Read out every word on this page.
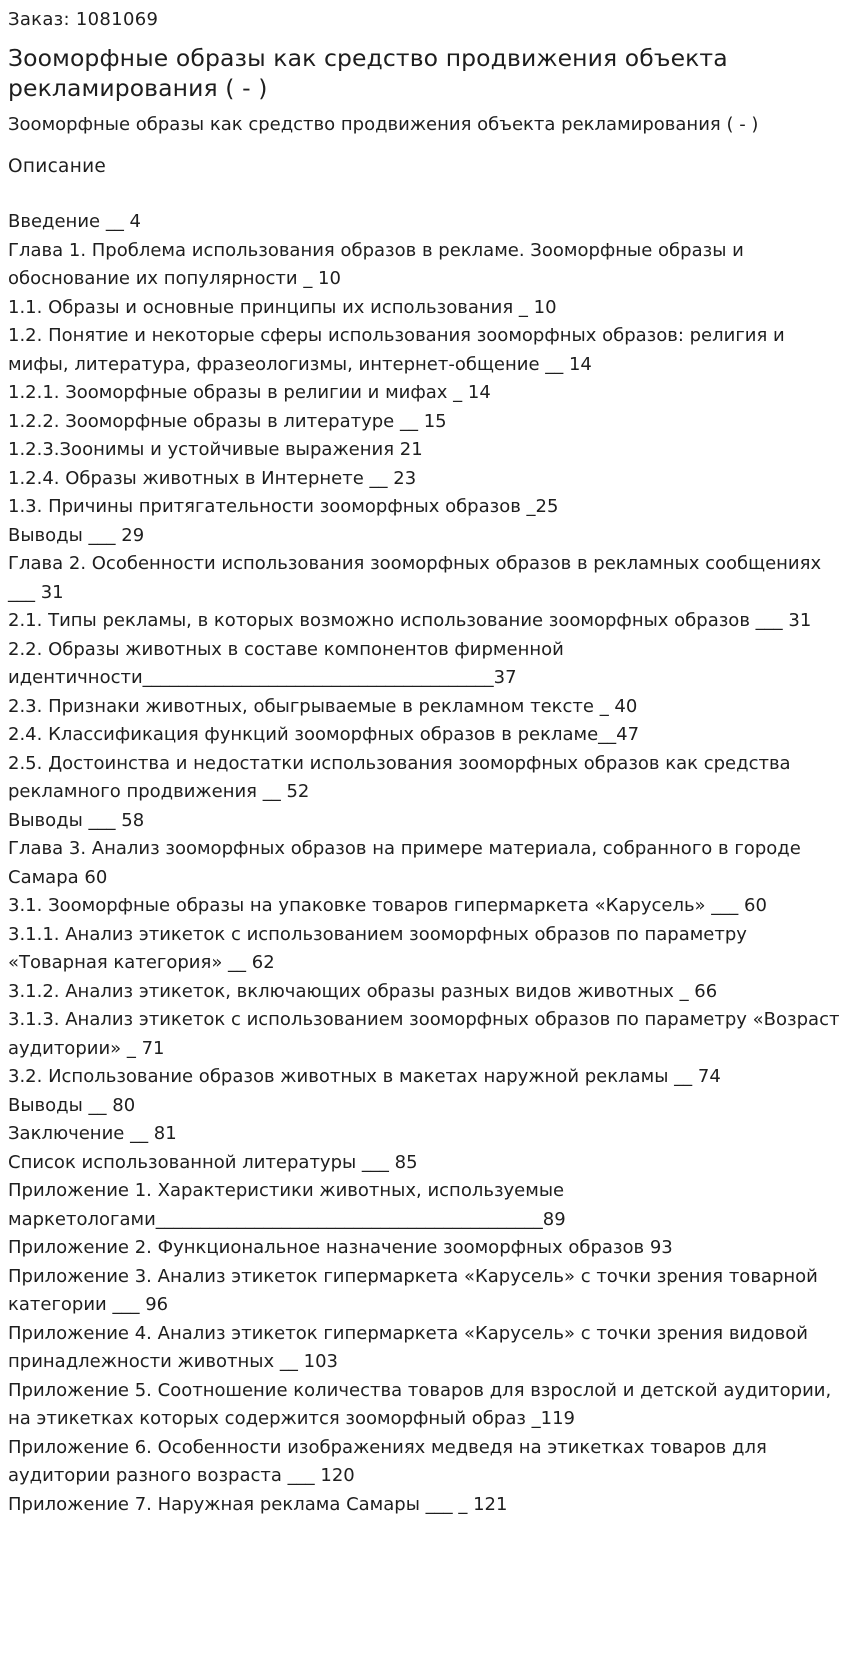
Заказ: 1081069
Зооморфные образы как средство продвижения объекта рекламирования ( - )
Зооморфные образы как средство продвижения объекта рекламирования ( - )
Описание
Введение __ 4
Глава 1. Проблема использования образов в рекламе. Зооморфные образы и обоснование их популярности _ 10
1.1. Образы и основные принципы их использования _ 10
1.2. Понятие и некоторые сферы использования зооморфных образов: религия и мифы, литература, фразеологизмы, интернет-общение __ 14
1.2.1. Зооморфные образы в религии и мифах _ 14
1.2.2. Зооморфные образы в литературе __ 15
1.2.3.Зоонимы и устойчивые выражения 21
1.2.4. Образы животных в Интернете __ 23
1.3. Причины притягательности зооморфных образов _25
Выводы ___ 29
Глава 2. Особенности использования зооморфных образов в рекламных сообщениях
___ 31
2.1. Типы рекламы, в которых возможно использование зооморфных образов ___ 31
2.2. Образы животных в составе компонентов фирменной идентичности_______________________________________37
2.3. Признаки животных, обыгрываемые в рекламном тексте _ 40
2.4. Классификация функций зооморфных образов в рекламе__47
2.5. Достоинства и недостатки использования зооморфных образов как средства рекламного продвижения __ 52
Выводы ___ 58
Глава 3. Анализ зооморфных образов на примере материала, собранного в городе Самара 60
3.1. Зооморфные образы на упаковке товаров гипермаркета «Карусель» ___ 60
3.1.1. Анализ этикеток с использованием зооморфных образов по параметру «Товарная категория» __ 62
3.1.2. Анализ этикеток, включающих образы разных видов животных _ 66
3.1.3. Анализ этикеток с использованием зооморфных образов по параметру «Возраст аудитории» _ 71
3.2. Использование образов животных в макетах наружной рекламы __ 74
Выводы __ 80
Заключение __ 81
Список использованной литературы ___ 85
Приложение 1. Характеристики животных, используемые маркетологами___________________________________________89
Приложение 2. Функциональное назначение зооморфных образов 93
Приложение 3. Анализ этикеток гипермаркета «Карусель» с точки зрения товарной категории ___ 96
Приложение 4. Анализ этикеток гипермаркета «Карусель» с точки зрения видовой принадлежности животных __ 103
Приложение 5. Соотношение количества товаров для взрослой и детской аудитории, на этикетках которых содержится зооморфный образ _119
Приложение 6. Особенности изображениях медведя на этикетках товаров для аудитории разного возраста ___ 120
Приложение 7. Наружная реклама Самары ___ _ 121
